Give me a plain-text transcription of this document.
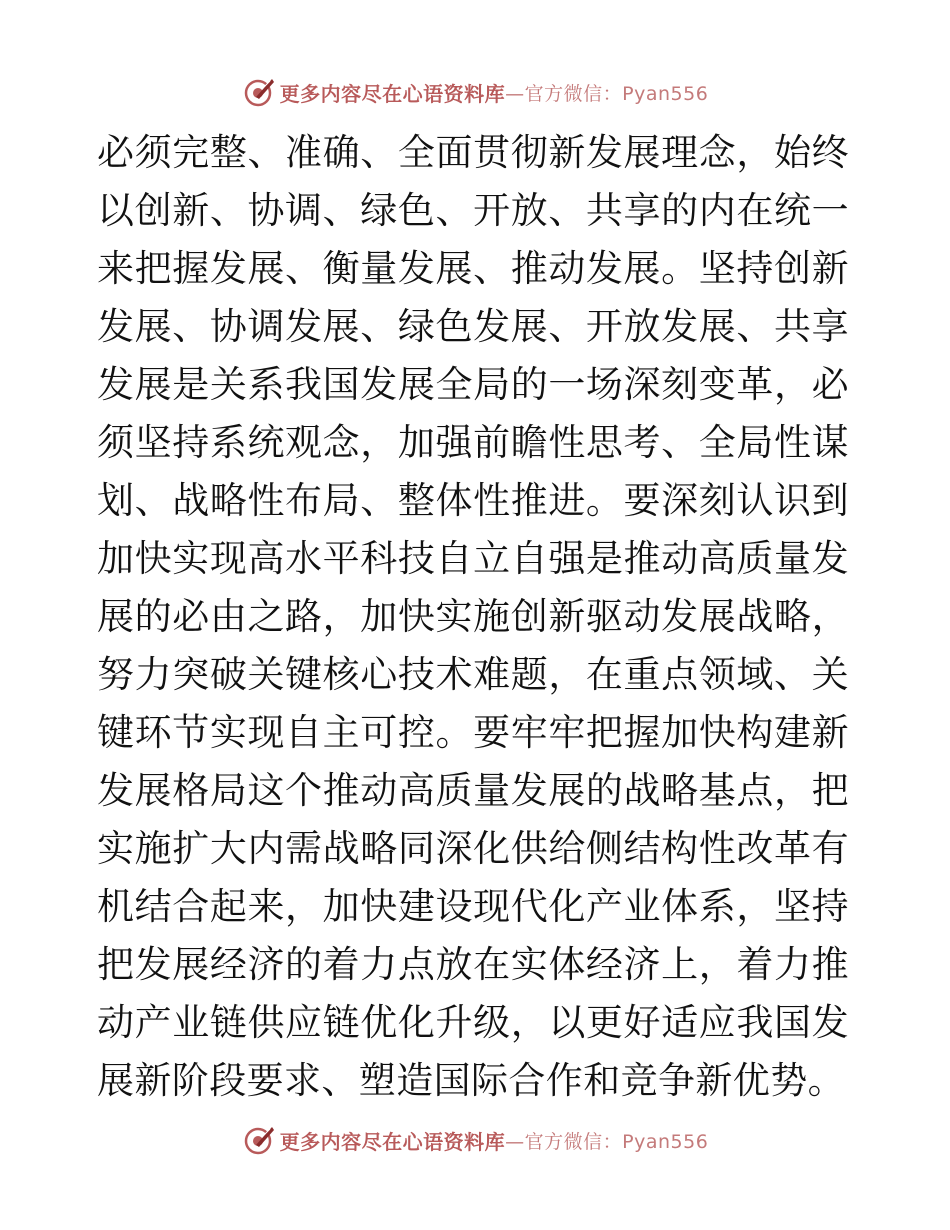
更多内容尽在心语资料库 —官方微信：Pyan556

必须完整、准确、全面贯彻新发展理念，始终以创新、协调、绿色、开放、共享的内在统一来把握发展、衡量发展、推动发展。坚持创新发展、协调发展、绿色发展、开放发展、共享发展是关系我国发展全局的一场深刻变革，必须坚持系统观念，加强前瞻性思考、全局性谋划、战略性布局、整体性推进。要深刻认识到加快实现高水平科技自立自强是推动高质量发展的必由之路，加快实施创新驱动发展战略，努力突破关键核心技术难题，在重点领域、关键环节实现自主可控。要牢牢把握加快构建新发展格局这个推动高质量发展的战略基点，把实施扩大内需战略同深化供给侧结构性改革有机结合起来，加快建设现代化产业体系，坚持把发展经济的着力点放在实体经济上，着力推动产业链供应链优化升级，以更好适应我国发展新阶段要求、塑造国际合作和竞争新优势。

更多内容尽在心语资料库 —官方微信：Pyan556
